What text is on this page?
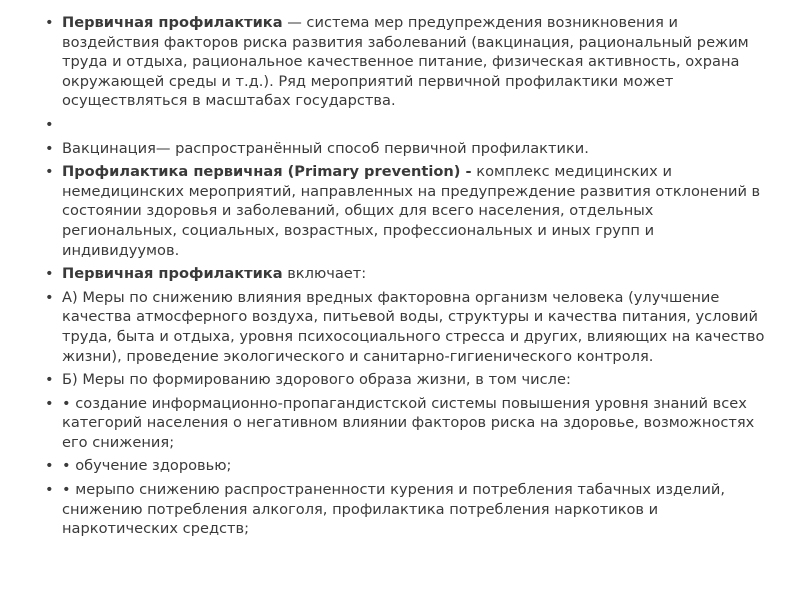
• Первичная профилактика — система мер предупреждения возникновения и воздействия факторов риска развития заболеваний (вакцинация, рациональный режим труда и отдыха, рациональное качественное питание, физическая активность, охрана окружающей среды и т.д.). Ряд мероприятий первичной профилактики может осуществляться в масштабах государства.
•
• Вакцинация— распространённый способ первичной профилактики.
• Профилактика первичная (Primary prevention) - комплекс медицинских и немедицинских мероприятий, направленных на предупреждение развития отклонений в состоянии здоровья и заболеваний, общих для всего населения, отдельных региональных, социальных, возрастных, профессиональных и иных групп и индивидуумов.
• Первичная профилактика включает:
• А) Меры по снижению влияния вредных факторовна организм человека (улучшение качества атмосферного воздуха, питьевой воды, структуры и качества питания, условий труда, быта и отдыха, уровня психосоциального стресса и других, влияющих на качество жизни), проведение экологического и санитарно-гигиенического контроля.
• Б) Меры по формированию здорового образа жизни, в том числе:
• • создание информационно-пропагандистской системы повышения уровня знаний всех категорий населения о негативном влиянии факторов риска на здоровье, возможностях его снижения;
• • обучение здоровью;
• • мерыпо снижению распространенности курения и потребления табачных изделий, снижению потребления алкоголя, профилактика потребления наркотиков и наркотических средств;
